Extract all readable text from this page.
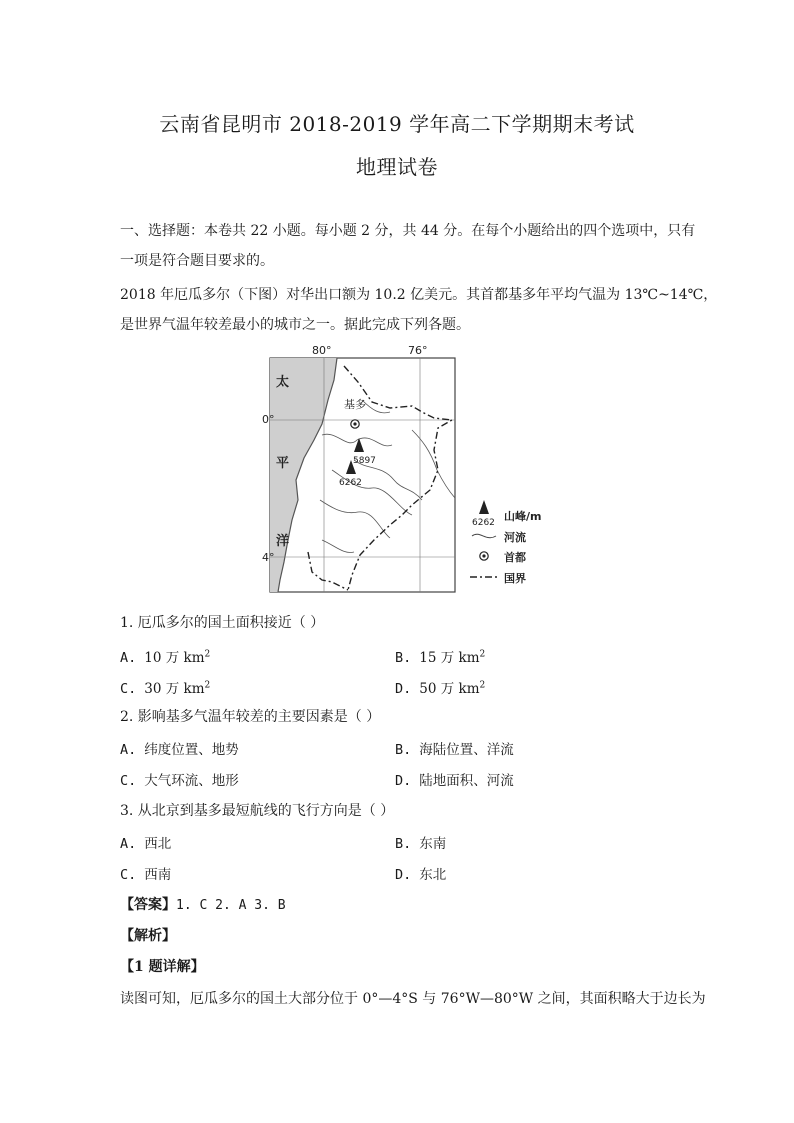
云南省昆明市 2018-2019 学年高二下学期期末考试
地理试卷
一、选择题：本卷共 22 小题。每小题 2 分，共 44 分。在每个小题给出的四个选项中，只有
一项是符合题目要求的。
2018 年厄瓜多尔（下图）对华出口额为 10.2 亿美元。其首都基多年平均气温为 13℃~14℃，
是世界气温年较差最小的城市之一。据此完成下列各题。
基多
5897
6262
80°	76°
0°
4°
太
平
洋
6262 山峰/m
河流
首都
国界
1. 厄瓜多尔的国土面积接近（ ）
A. 10 万 $km^2$	B. 15 万 $km^2$
C. 30 万 $km^2$	D. 50 万 $km^2$
2. 影响基多气温年较差的主要因素是（ ）
A. 纬度位置、地势	B. 海陆位置、洋流
C. 大气环流、地形	D. 陆地面积、河流
3. 从北京到基多最短航线的飞行方向是（ ）
A. 西北	B. 东南
C. 西南	D. 东北
【答案】1. C 2. A 3. B
【解析】
【1 题详解】
读图可知，厄瓜多尔的国土大部分位于 0°—4°S 与 76°W—80°W 之间，其面积略大于边长为
